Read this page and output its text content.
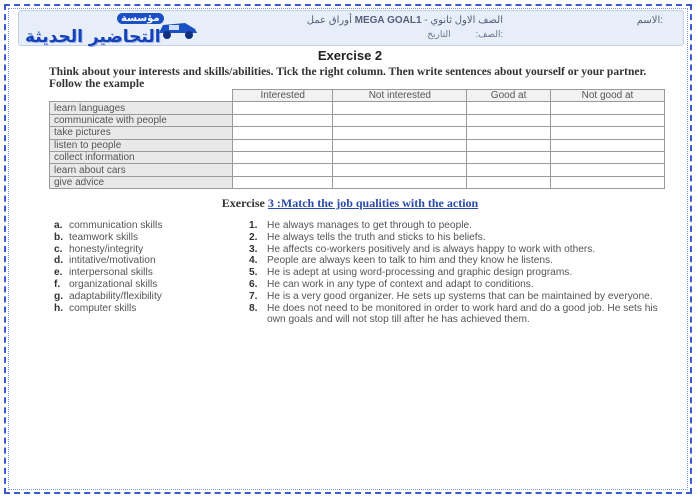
مؤسسة
التحاضير الحديثة
أوراق عمل MEGA GOAL1 - الصف الاول ثانوي
الصف:          التاريخ:
الاسم:
Exercise 2
Think about your interests and skills/abilities. Tick the right column. Then write sentences about yourself or your partner. Follow the example
	Interested	Not interested	Good at	Not good at
learn languages				
communicate with people				
take pictures				
listen to people				
collect information				
learn about cars				
give advice				
Exercise 3 :Match the job qualities with the action
a. communication skills
b. teamwork skills
c. honesty/integrity
d. intitative/motivation
e. interpersonal skills
f. organizational skills
g. adaptability/flexibility
h. computer skills
1. He always manages to get through to people.
2. He always tells the truth and sticks to his beliefs.
3. He affects co-workers positively and is always happy to work with others.
4. People are always keen to talk to him and they know he listens.
5. He is adept at using word-processing and graphic design programs.
6. He can work in any type of context and adapt to conditions.
7. He is a very good organizer. He sets up systems that can be maintained by everyone.
8. He does not need to be monitored in order to work hard and do a good job. He sets his own goals and will not stop till after he has achieved them.
